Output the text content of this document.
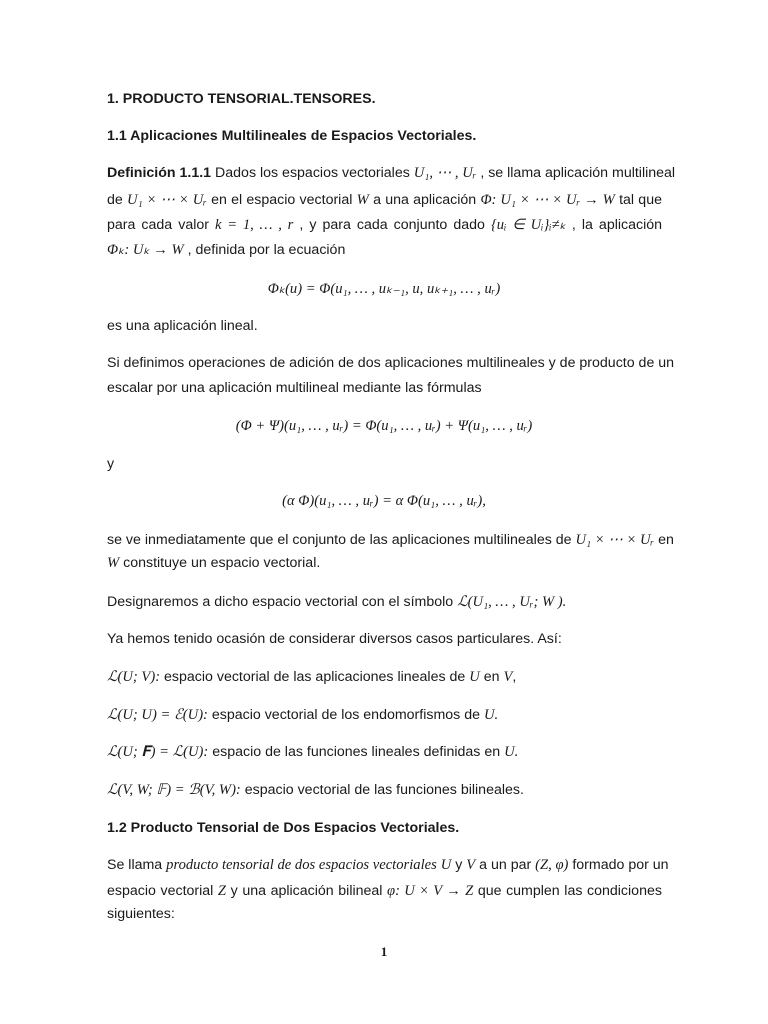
1. PRODUCTO TENSORIAL.TENSORES.
1.1 Aplicaciones Multilineales de Espacios Vectoriales.
Definición 1.1.1 Dados los espacios vectoriales U₁, ⋯ , Uᵣ , se llama aplicación multilineal
de U₁ × ⋯ × Uᵣ en el espacio vectorial W a una aplicación Φ: U₁ × ⋯ × Uᵣ → W tal que
para cada valor k = 1, … , r , y para cada conjunto dado {uᵢ ∈ Uᵢ}ᵢ≠ₖ , la aplicación
Φₖ: Uₖ → W , definida por la ecuación
Φₖ(u) = Φ(u₁, … , uₖ₋₁, u, uₖ₊₁, … , uᵣ)
es una aplicación lineal.
Si definimos operaciones de adición de dos aplicaciones multilineales y de producto de un
escalar por una aplicación multilineal mediante las fórmulas
(Φ + Ψ)(u₁, … , uᵣ) = Φ(u₁, … , uᵣ) + Ψ(u₁, … , uᵣ)
y
(α Φ)(u₁, … , uᵣ) = α Φ(u₁, … , uᵣ),
se ve inmediatamente que el conjunto de las aplicaciones multilineales de U₁ × ⋯ × Uᵣ en
W constituye un espacio vectorial.
Designaremos a dicho espacio vectorial con el símbolo ℒ(U₁, … , Uᵣ; W ).
Ya hemos tenido ocasión de considerar diversos casos particulares. Así:
ℒ(U; V): espacio vectorial de las aplicaciones lineales de U en V,
ℒ(U; U) = ℰ(U): espacio vectorial de los endomorfismos de U.
ℒ(U; 𝐅) = ℒ(U): espacio de las funciones lineales definidas en U.
ℒ(V, W; 𝔽) = ℬ(V, W): espacio vectorial de las funciones bilineales.
1.2 Producto Tensorial de Dos Espacios Vectoriales.
Se llama producto tensorial de dos espacios vectoriales U y V a un par (Z, φ) formado por un
espacio vectorial Z y una aplicación bilineal φ: U × V → Z que cumplen las condiciones
siguientes:
1
